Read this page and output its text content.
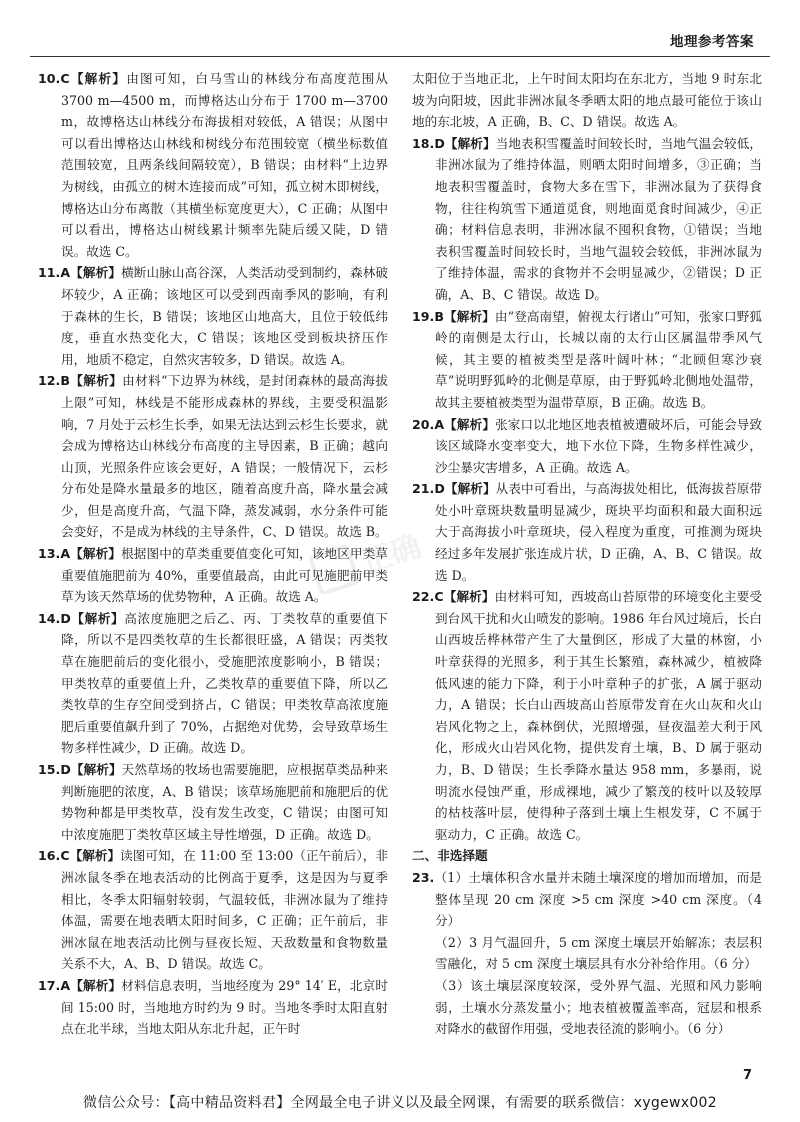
地理参考答案
正确

10.C【解析】由图可知，白马雪山的林线分布高度范围从 3700 m—4500 m，而博格达山分布于 1700 m—3700 m，故博格达山林线分布海拔相对较低，A 错误；从图中可以看出博格达山林线和树线分布范围较宽（横坐标数值范围较宽，且两条线间隔较宽），B 错误；由材料“上边界为树线，由孤立的树木连接而成”可知，孤立树木即树线，博格达山分布离散（其横坐标宽度更大），C 正确；从图中可以看出，博格达山树线累计频率先陡后缓又陡，D 错误。故选 C。

11.A【解析】横断山脉山高谷深，人类活动受到制约，森林破坏较少，A 正确；该地区可以受到西南季风的影响，有利于森林的生长，B 错误；该地区山地高大，且位于较低纬度，垂直水热变化大，C 错误；该地区受到板块挤压作用，地质不稳定，自然灾害较多，D 错误。故选 A。

12.B【解析】由材料“下边界为林线，是封闭森林的最高海拔上限”可知，林线是不能形成森林的界线，主要受积温影响，7 月处于云杉生长季，如果无法达到云杉生长要求，就会成为博格达山林线分布高度的主导因素，B 正确；越向山顶，光照条件应该会更好，A 错误；一般情况下，云杉分布处是降水量最多的地区，随着高度升高，降水量会减少，但是高度升高，气温下降，蒸发减弱，水分条件可能会变好，不是成为林线的主导条件，C、D 错误。故选 B。

13.A【解析】根据图中的草类重要值变化可知，该地区甲类草重要值施肥前为 40%，重要值最高，由此可见施肥前甲类草为该天然草场的优势物种，A 正确。故选 A。

14.D【解析】高浓度施肥之后乙、丙、丁类牧草的重要值下降，所以不是四类牧草的生长都很旺盛，A 错误；丙类牧草在施肥前后的变化很小，受施肥浓度影响小，B 错误；甲类牧草的重要值上升，乙类牧草的重要值下降，所以乙类牧草的生存空间受到挤占，C 错误；甲类牧草高浓度施肥后重要值飙升到了 70%，占据绝对优势，会导致草场生物多样性减少，D 正确。故选 D。

15.D【解析】天然草场的牧场也需要施肥，应根据草类品种来判断施肥的浓度，A、B 错误；该草场施肥前和施肥后的优势物种都是甲类牧草，没有发生改变，C 错误；由图可知中浓度施肥丁类牧草区域主导性增强，D 正确。故选 D。

16.C【解析】读图可知，在 11:00 至 13:00（正午前后），非洲冰鼠冬季在地表活动的比例高于夏季，这是因为与夏季相比，冬季太阳辐射较弱，气温较低，非洲冰鼠为了维持体温，需要在地表晒太阳时间多，C 正确；正午前后，非洲冰鼠在地表活动比例与昼夜长短、天敌数量和食物数量关系不大，A、B、D 错误。故选 C。

17.A【解析】材料信息表明，当地经度为 29° 14′ E，北京时间 15:00 时，当地地方时约为 9 时。当地冬季时太阳直射点在北半球，当地太阳从东北升起，正午时

太阳位于当地正北，上午时间太阳均在东北方，当地 9 时东北坡为向阳坡，因此非洲冰鼠冬季晒太阳的地点最可能位于该山地的东北坡，A 正确，B、C、D 错误。故选 A。

18.D【解析】当地表积雪覆盖时间较长时，当地气温会较低，非洲冰鼠为了维持体温，则晒太阳时间增多，③正确；当地表积雪覆盖时，食物大多在雪下，非洲冰鼠为了获得食物，往往构筑雪下通道觅食，则地面觅食时间减少，④正确；材料信息表明，非洲冰鼠不囤积食物，①错误；当地表积雪覆盖时间较长时，当地气温较会较低，非洲冰鼠为了维持体温，需求的食物并不会明显减少，②错误；D 正确，A、B、C 错误。故选 D。

19.B【解析】由“登高南望，俯视太行诸山”可知，张家口野狐岭的南侧是太行山，长城以南的太行山区属温带季风气候，其主要的植被类型是落叶阔叶林；“北顾但寒沙衰草”说明野狐岭的北侧是草原，由于野狐岭北侧地处温带，故其主要植被类型为温带草原，B 正确。故选 B。

20.A【解析】张家口以北地区地表植被遭破坏后，可能会导致该区域降水变率变大，地下水位下降，生物多样性减少，沙尘暴灾害增多，A 正确。故选 A。

21.D【解析】从表中可看出，与高海拔处相比，低海拔苔原带处小叶章斑块数量明显减少，斑块平均面积和最大面积远大于高海拔小叶章斑块，侵入程度为重度，可推测为斑块经过多年发展扩张连成片状，D 正确，A、B、C 错误。故选 D。

22.C【解析】由材料可知，西坡高山苔原带的环境变化主要受到台风干扰和火山喷发的影响。1986 年台风过境后，长白山西坡岳桦林带产生了大量倒区，形成了大量的林窗，小叶章获得的光照多，利于其生长繁殖，森林减少，植被降低风速的能力下降，利于小叶章种子的扩张，A 属于驱动力，A 错误；长白山西坡高山苔原带发育在火山灰和火山岩风化物之上，森林倒伏，光照增强，昼夜温差大利于风化，形成火山岩风化物，提供发育土壤，B、D 属于驱动力，B、D 错误；生长季降水量达 958 mm，多暴雨，说明流水侵蚀严重，形成裸地，减少了繁茂的枝叶以及较厚的枯枝落叶层，使得种子落到土壤上生根发芽，C 不属于驱动力，C 正确。故选 C。

二、非选择题

23.（1）土壤体积含水量并未随土壤深度的增加而增加，而是整体呈现 20 cm 深度 >5 cm 深度 >40 cm 深度。（4 分）

（2）3 月气温回升，5 cm 深度土壤层开始解冻；表层积雪融化，对 5 cm 深度土壤层具有水分补给作用。（6 分）

（3）该土壤层深度较深，受外界气温、光照和风力影响弱，土壤水分蒸发量小；地表植被覆盖率高，冠层和根系对降水的截留作用强，受地表径流的影响小。（6 分）

7
微信公众号：【高中精品资料君】全网最全电子讲义以及最全网课，有需要的联系微信：xygewx002
